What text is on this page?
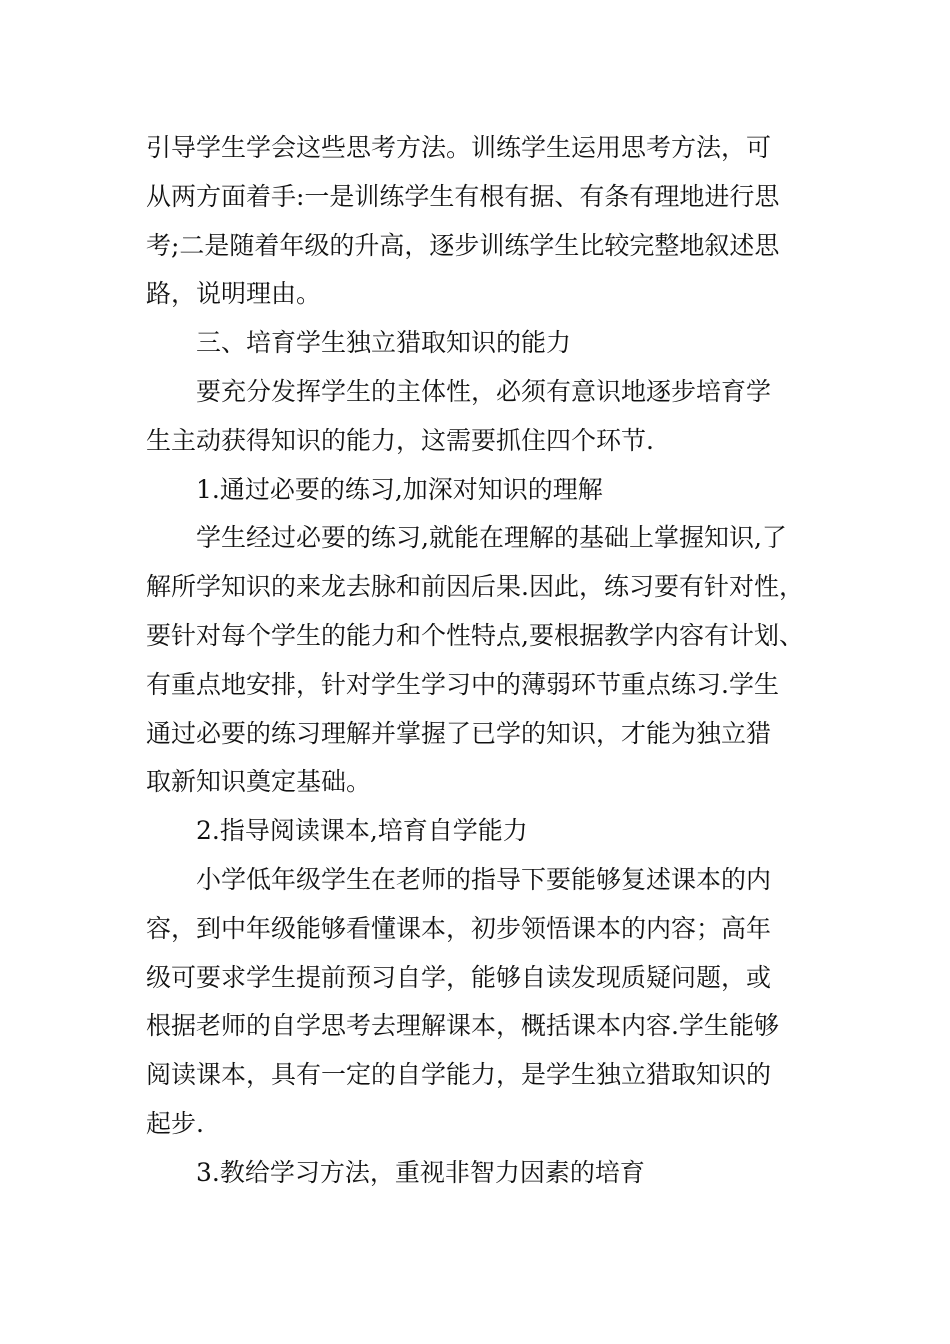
引导学生学会这些思考方法。训练学生运用思考方法，可
从两方面着手:一是训练学生有根有据、有条有理地进行思
考;二是随着年级的升高，逐步训练学生比较完整地叙述思
路，说明理由。
三、培育学生独立猎取知识的能力
要充分发挥学生的主体性，必须有意识地逐步培育学
生主动获得知识的能力，这需要抓住四个环节.
1.通过必要的练习,加深对知识的理解
学生经过必要的练习,就能在理解的基础上掌握知识,了
解所学知识的来龙去脉和前因后果.因此，练习要有针对性，
要针对每个学生的能力和个性特点,要根据教学内容有计划、
有重点地安排，针对学生学习中的薄弱环节重点练习.学生
通过必要的练习理解并掌握了已学的知识，才能为独立猎
取新知识奠定基础。
2.指导阅读课本,培育自学能力
小学低年级学生在老师的指导下要能够复述课本的内
容，到中年级能够看懂课本，初步领悟课本的内容；高年
级可要求学生提前预习自学，能够自读发现质疑问题，或
根据老师的自学思考去理解课本，概括课本内容.学生能够
阅读课本，具有一定的自学能力，是学生独立猎取知识的
起步.
3.教给学习方法，重视非智力因素的培育
